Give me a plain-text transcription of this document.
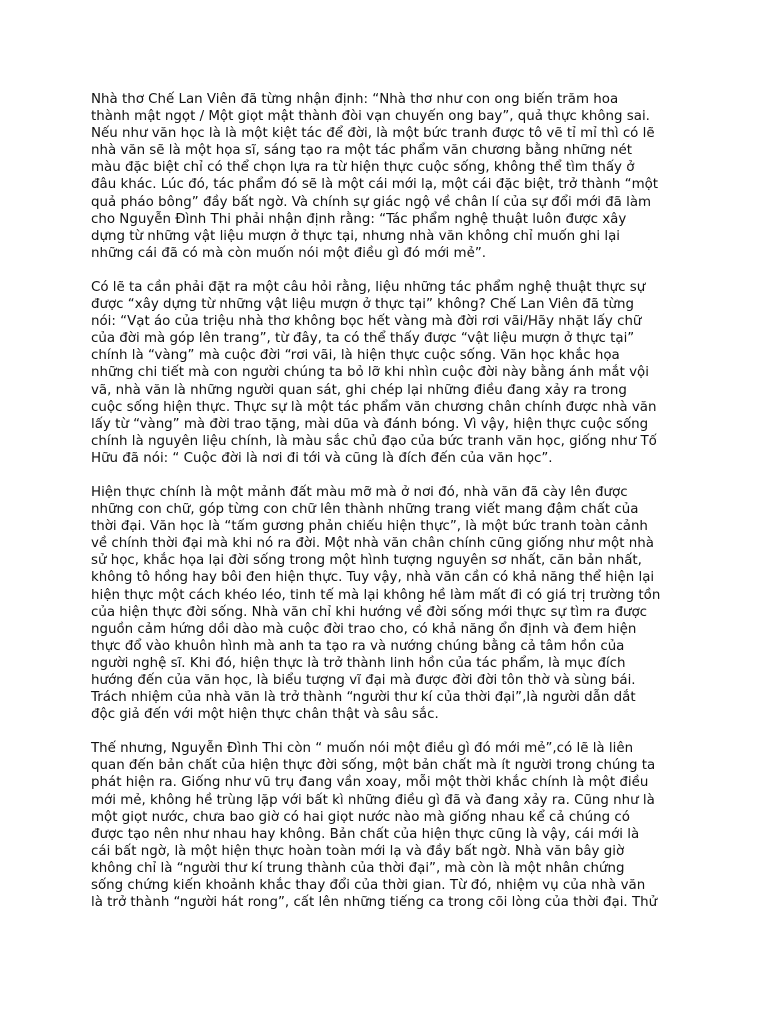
Nhà thơ Chế Lan Viên đã từng nhận định: “Nhà thơ như con ong biến trăm hoa
thành mật ngọt / Một giọt mật thành đòi vạn chuyến ong bay”, quả thực không sai.
Nếu như văn học là là một kiệt tác để đời, là một bức tranh được tô vẽ tỉ mỉ thì có lẽ
nhà văn sẽ là một họa sĩ, sáng tạo ra một tác phẩm văn chương bằng những nét
màu đặc biệt chỉ có thể chọn lựa ra từ hiện thực cuộc sống, không thể tìm thấy ở
đâu khác. Lúc đó, tác phẩm đó sẽ là một cái mới lạ, một cái đặc biệt, trở thành “một
quả pháo bông” đầy bất ngờ. Và chính sự giác ngộ về chân lí của sự đổi mới đã làm
cho Nguyễn Đình Thi phải nhận định rằng: “Tác phẩm nghệ thuật luôn được xây
dựng từ những vật liệu mượn ở thực tại, nhưng nhà văn không chỉ muốn ghi lại
những cái đã có mà còn muốn nói một điều gì đó mới mẻ”.

Có lẽ ta cần phải đặt ra một câu hỏi rằng, liệu những tác phẩm nghệ thuật thực sự
được “xây dựng từ những vật liệu mượn ở thực tại” không? Chế Lan Viên đã từng
nói: “Vạt áo của triệu nhà thơ không bọc hết vàng mà đời rơi vãi/Hãy nhặt lấy chữ
của đời mà góp lên trang”, từ đây, ta có thể thấy được “vật liệu mượn ở thực tại”
chính là “vàng” mà cuộc đời “rơi vãi, là hiện thực cuộc sống. Văn học khắc họa
những chi tiết mà con người chúng ta bỏ lỡ khi nhìn cuộc đời này bằng ánh mắt vội
vã, nhà văn là những người quan sát, ghi chép lại những điều đang xảy ra trong
cuộc sống hiện thực. Thực sự là một tác phẩm văn chương chân chính được nhà văn
lấy từ “vàng” mà đời trao tặng, mài dũa và đánh bóng. Vì vậy, hiện thực cuộc sống
chính là nguyên liệu chính, là màu sắc chủ đạo của bức tranh văn học, giống như Tố
Hữu đã nói: “ Cuộc đời là nơi đi tới và cũng là đích đến của văn học”.

Hiện thực chính là một mảnh đất màu mỡ mà ở nơi đó, nhà văn đã cày lên được
những con chữ, góp từng con chữ lên thành những trang viết mang đậm chất của
thời đại. Văn học là “tấm gương phản chiếu hiện thực”, là một bức tranh toàn cảnh
về chính thời đại mà khi nó ra đời. Một nhà văn chân chính cũng giống như một nhà
sử học, khắc họa lại đời sống trong một hình tượng nguyên sơ nhất, căn bản nhất,
không tô hồng hay bôi đen hiện thực. Tuy vậy, nhà văn cần có khả năng thể hiện lại
hiện thực một cách khéo léo, tinh tế mà lại không hề làm mất đi có giá trị trường tồn
của hiện thực đời sống. Nhà văn chỉ khi hướng về đời sống mới thực sự tìm ra được
nguồn cảm hứng dồi dào mà cuộc đời trao cho, có khả năng ổn định và đem hiện
thực đổ vào khuôn hình mà anh ta tạo ra và nướng chúng bằng cả tâm hồn của
người nghệ sĩ. Khi đó, hiện thực là trở thành linh hồn của tác phẩm, là mục đích
hướng đến của văn học, là biểu tượng vĩ đại mà được đời đời tôn thờ và sùng bái.
Trách nhiệm của nhà văn là trở thành “người thư kí của thời đại”,là người dẫn dắt
độc giả đến với một hiện thực chân thật và sâu sắc.

Thế nhưng, Nguyễn Đình Thi còn “ muốn nói một điều gì đó mới mẻ”,có lẽ là liên
quan đến bản chất của hiện thực đời sống, một bản chất mà ít người trong chúng ta
phát hiện ra. Giống như vũ trụ đang vần xoay, mỗi một thời khắc chính là một điều
mới mẻ, không hề trùng lặp với bất kì những điều gì đã và đang xảy ra. Cũng như là
một giọt nước, chưa bao giờ có hai giọt nước nào mà giống nhau kể cả chúng có
được tạo nên như nhau hay không. Bản chất của hiện thực cũng là vậy, cái mới là
cái bất ngờ, là một hiện thực hoàn toàn mới lạ và đầy bất ngờ. Nhà văn bây giờ
không chỉ là “người thư kí trung thành của thời đại”, mà còn là một nhân chứng
sống chứng kiến khoảnh khắc thay đổi của thời gian. Từ đó, nhiệm vụ của nhà văn
là trở thành “người hát rong”, cất lên những tiếng ca trong cõi lòng của thời đại. Thử
